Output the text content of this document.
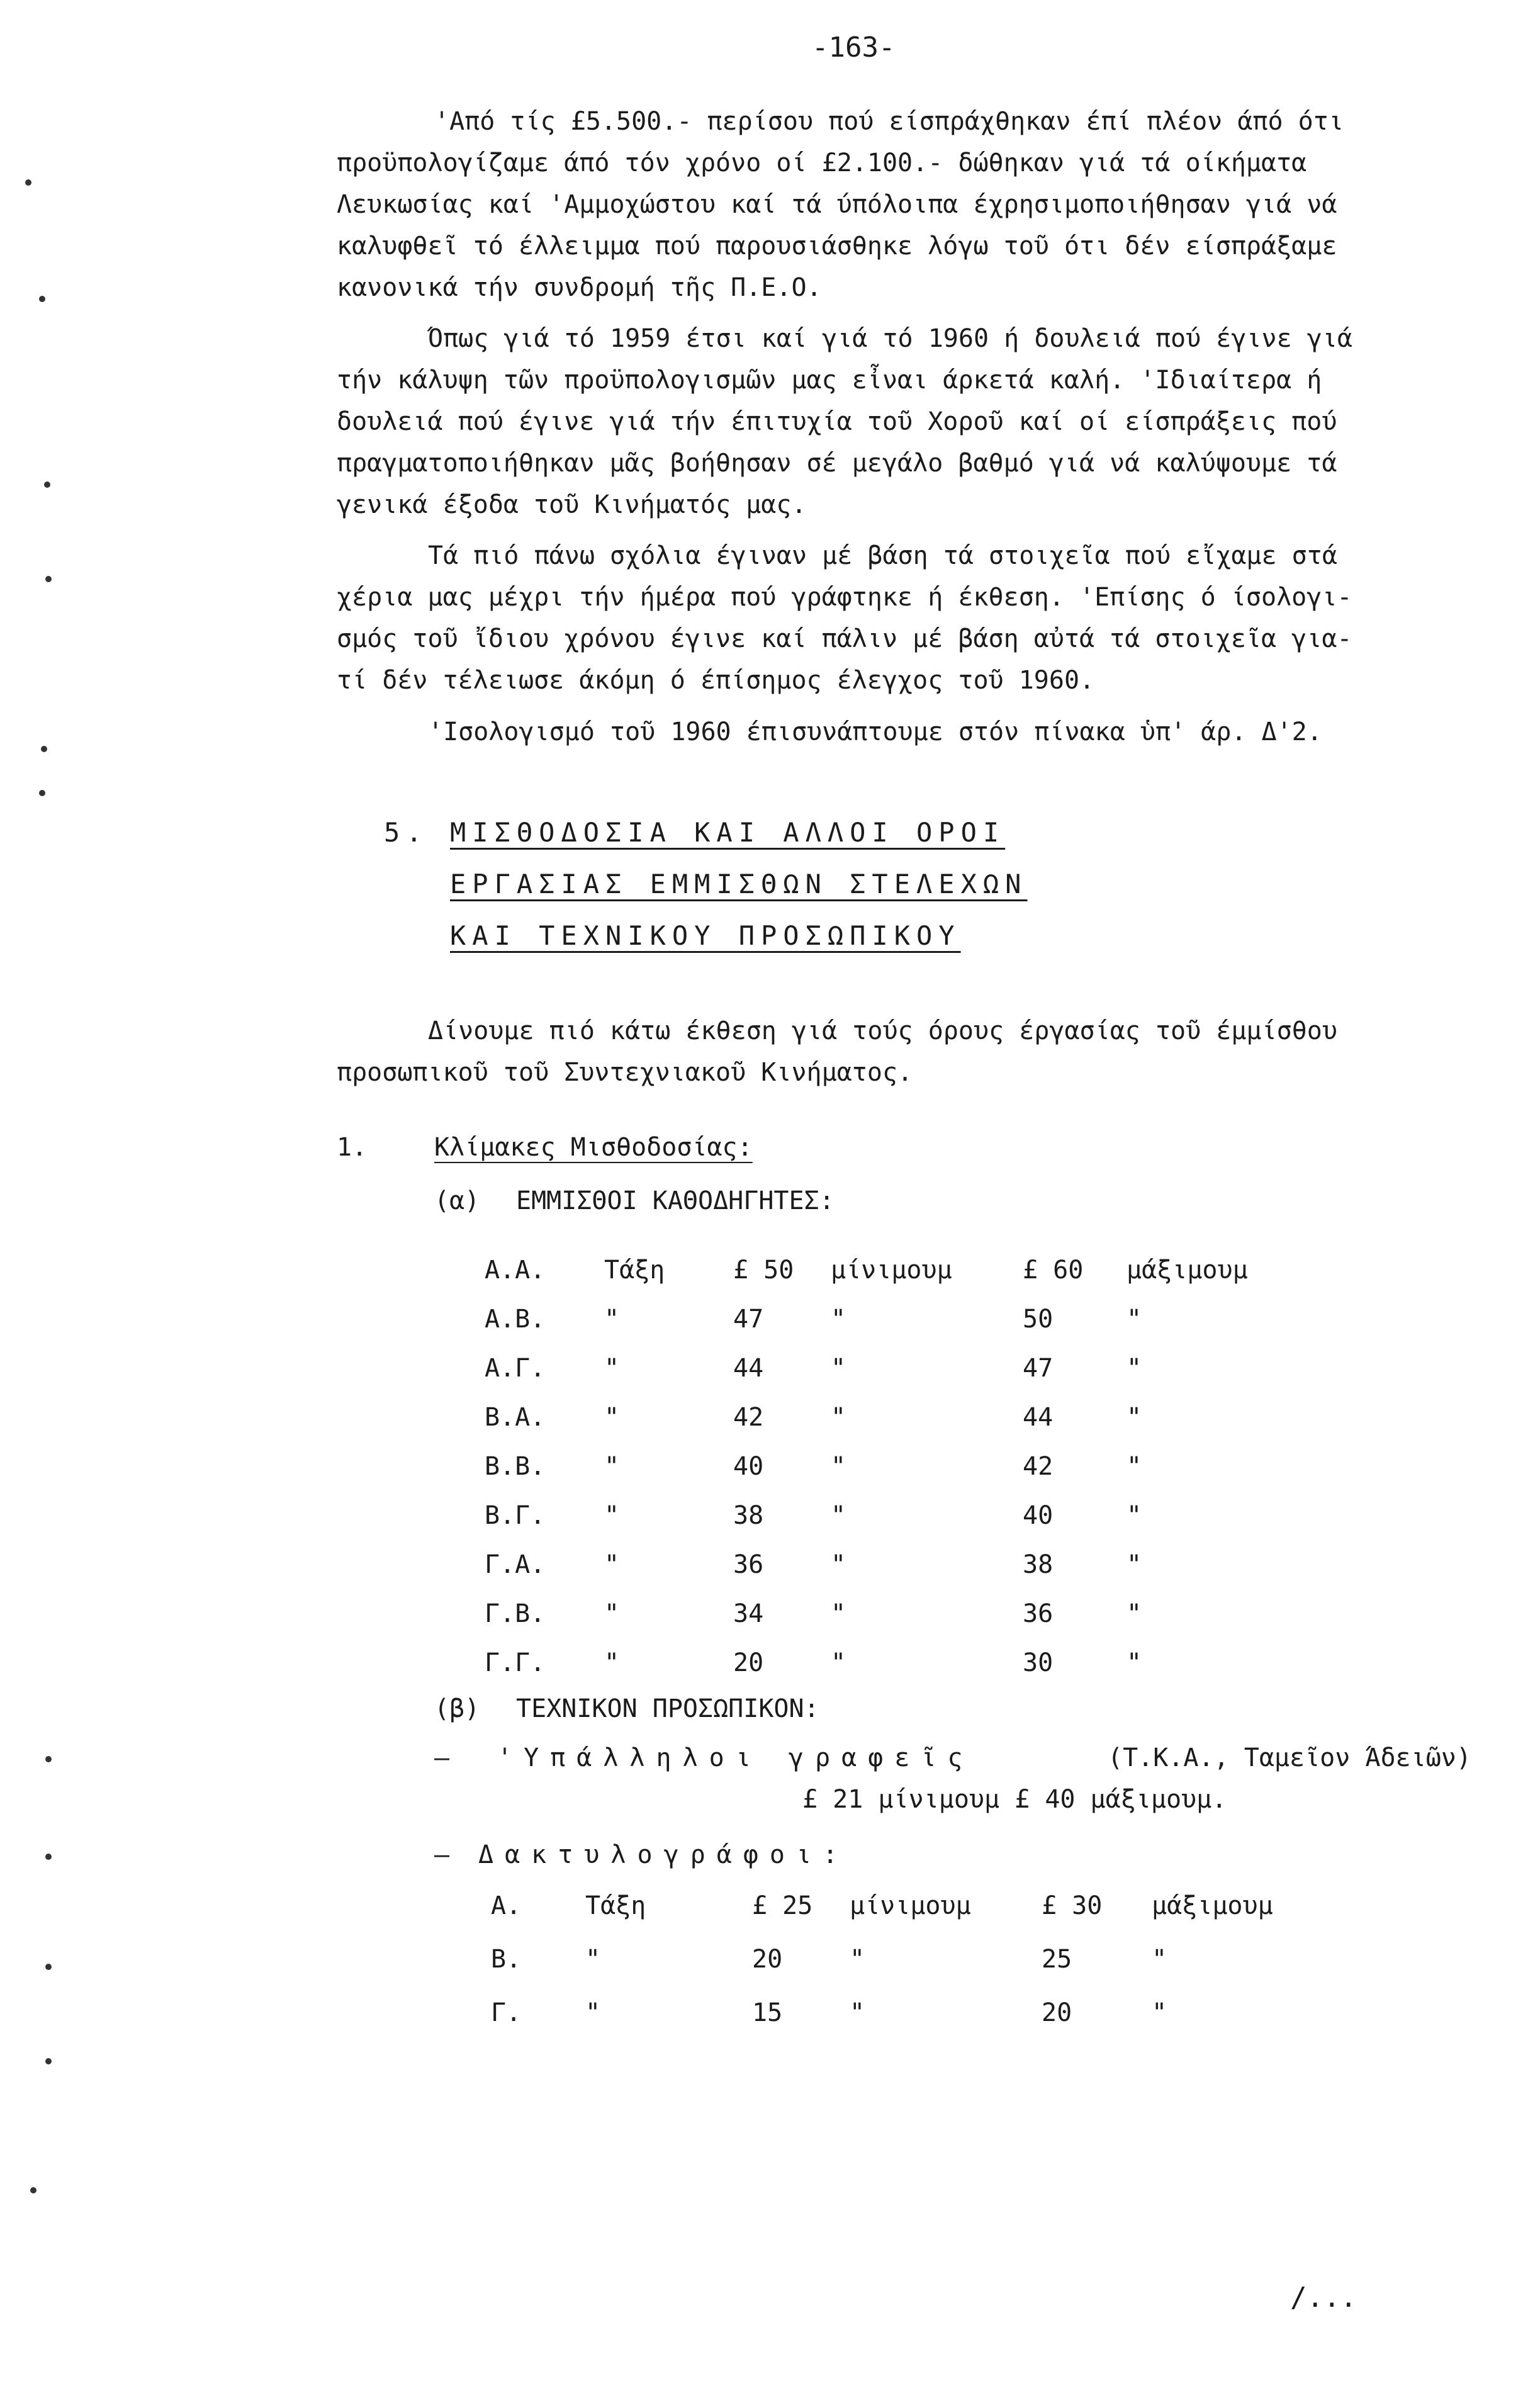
-163-
'Από τίς £5.500.- περίσου πού είσπράχθηκαν έπί πλέον άπό ότι
προϋπολογίζαμε άπό τόν χρόνο οί £2.100.- δώθηκαν γιά τά οίκήματα
Λευκωσίας καί 'Αμμοχώστου καί τά ύπόλοιπα έχρησιμοποιήθησαν γιά νά
καλυφθεῖ τό έλλειμμα πού παρουσιάσθηκε λόγω τοῦ ότι δέν είσπράξαμε
κανονικά τήν συνδρομή τῆς Π.Ε.Ο.
Όπως γιά τό 1959 έτσι καί γιά τό 1960 ή δουλειά πού έγινε γιά
τήν κάλυψη τῶν προϋπολογισμῶν μας εἶναι άρκετά καλή. 'Ιδιαίτερα ή
δουλειά πού έγινε γιά τήν έπιτυχία τοῦ Χοροῦ καί οί είσπράξεις πού
πραγματοποιήθηκαν μᾶς βοήθησαν σέ μεγάλο βαθμό γιά νά καλύψουμε τά
γενικά έξοδα τοῦ Κινήματός μας.
Τά πιό πάνω σχόλια έγιναν μέ βάση τά στοιχεῖα πού εἴχαμε στά
χέρια μας μέχρι τήν ήμέρα πού γράφτηκε ή έκθεση. 'Επίσης ό ίσολογι-
σμός τοῦ ἴδιου χρόνου έγινε καί πάλιν μέ βάση αὐτά τά στοιχεῖα για-
τί δέν τέλειωσε άκόμη ό έπίσημος έλεγχος τοῦ 1960.
'Ισολογισμό τοῦ 1960 έπισυνάπτουμε στόν πίνακα ὑπ' άρ. Δ'2.
5. ΜΙΣΘΟΔΟΣΙΑ ΚΑΙ ΑΛΛΟΙ ΟΡΟΙ
ΕΡΓΑΣΙΑΣ ΕΜΜΙΣΘΩΝ ΣΤΕΛΕΧΩΝ
ΚΑΙ ΤΕΧΝΙΚΟΥ ΠΡΟΣΩΠΙΚΟΥ
Δίνουμε πιό κάτω έκθεση γιά τούς όρους έργασίας τοῦ έμμίσθου
προσωπικοῦ τοῦ Συντεχνιακοῦ Κινήματος.
1.	Κλίμακες Μισθοδοσίας:
(α) ΕΜΜΙΣΘΟΙ ΚΑΘΟΔΗΓΗΤΕΣ:
Α.Α. Τάξη	£ 50 μίνιμουμ	£ 60 μάξιμουμ
Α.Β. "	47	"	50	"
Α.Γ. "	44	"	47	"
Β.Α. "	42	"	44	"
Β.Β. "	40	"	42	"
Β.Γ. "	38	"	40	"
Γ.Α. "	36	"	38	"
Γ.Β. "	34	"	36	"
Γ.Γ. "	20	"	30	"
(β) ΤΕΧΝΙΚΟΝ ΠΡΟΣΩΠΙΚΟΝ:
— 'Υπάλληλοι γραφεῖς	(Τ.Κ.Α., Ταμεῖον Άδειῶν)
£ 21 μίνιμουμ £ 40 μάξιμουμ.
— Δακτυλογράφοι:
Α.	Τάξη	£ 25 μίνιμουμ	£ 30 μάξιμουμ
Β.	"	20	"	25	"
Γ.	"	15	"	20	"
/...
